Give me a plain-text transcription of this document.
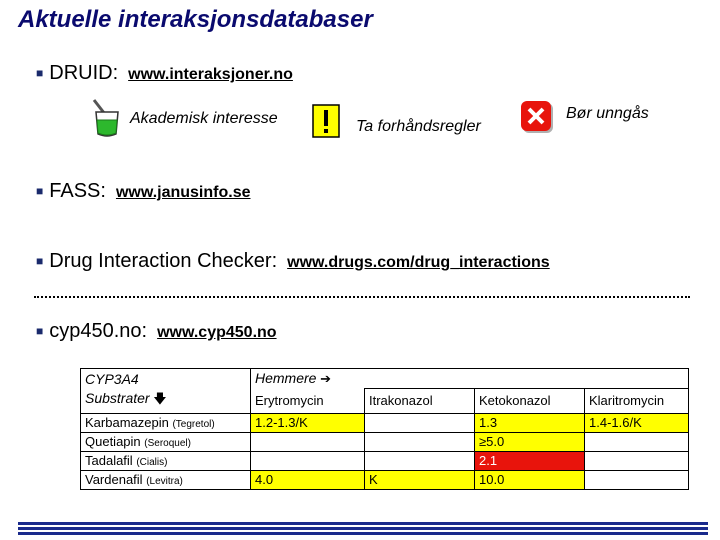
Aktuelle interaksjonsdatabaser
■ DRUID: www.interaksjoner.no
Akademisk interesse	Ta forhåndsregler
Bør unngås
■ FASS: www.janusinfo.se
■ Drug Interaction Checker: www.drugs.com/drug_interactions
■ cyp450.no: www.cyp450.no
CYP3A4	Hemmere ➔			
Substrater 🡇	Erytromycin	Itrakonazol	Ketokonazol	Klaritromycin
Karbamazepin (Tegretol)	1.2-1.3/K		1.3	1.4-1.6/K
Quetiapin (Seroquel)			≥5.0	
Tadalafil (Cialis)			2.1	
Vardenafil (Levitra)	4.0	K	10.0	
